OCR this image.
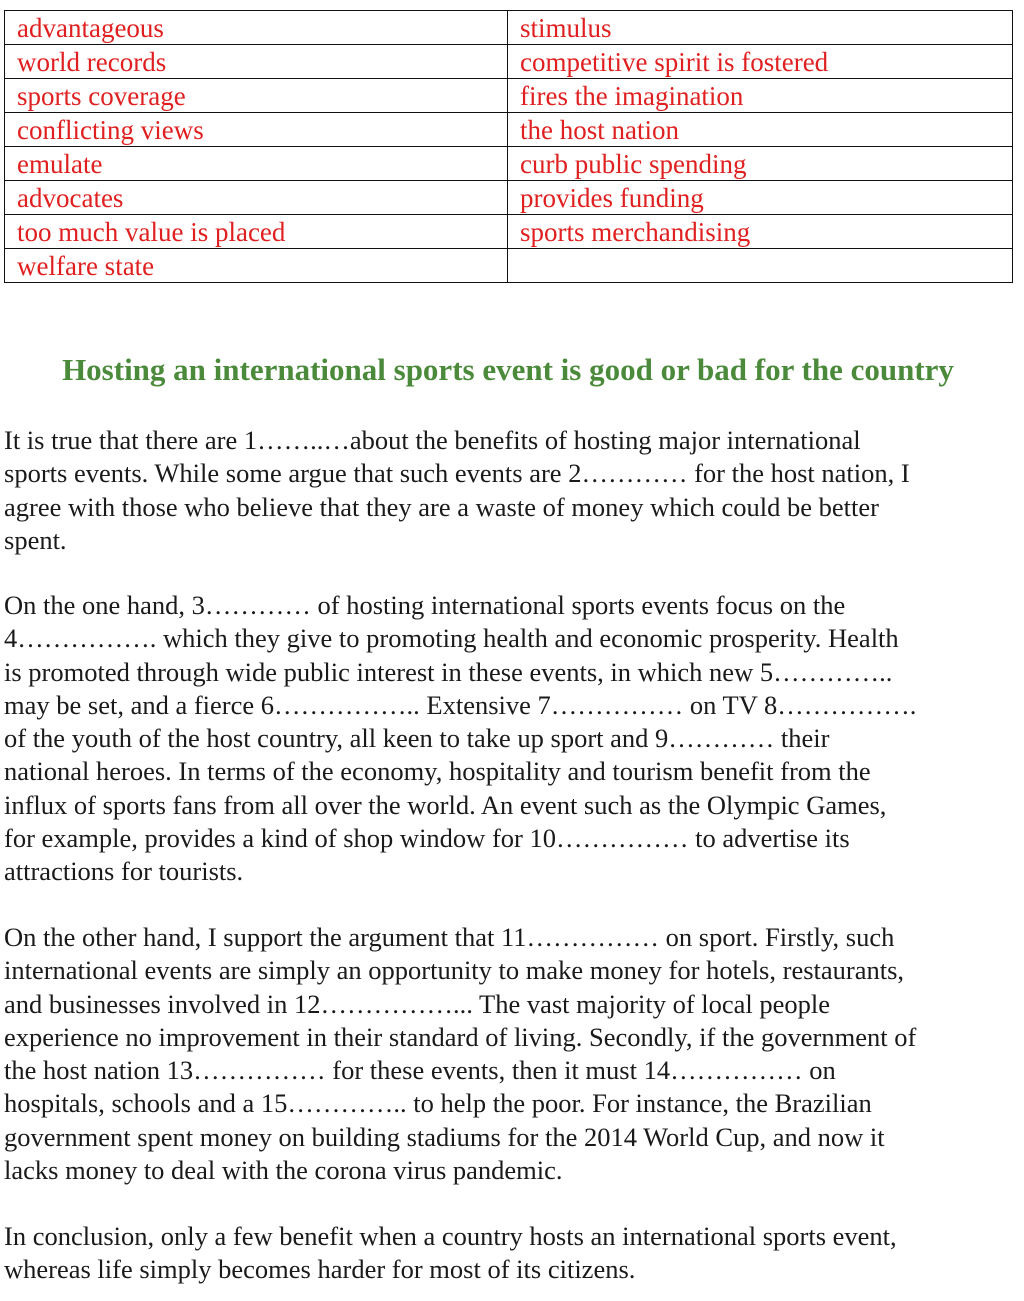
advantageous	stimulus
world records	competitive spirit is fostered
sports coverage	fires the imagination
conflicting views	the host nation
emulate	curb public spending
advocates	provides funding
too much value is placed	sports merchandising
welfare state	
Hosting an international sports event is good or bad for the country

It is true that there are 1……..…about the benefits of hosting major international
sports events. While some argue that such events are 2………… for the host nation, I
agree with those who believe that they are a waste of money which could be better
spent.

On the one hand, 3………… of hosting international sports events focus on the
4……………. which they give to promoting health and economic prosperity. Health
is promoted through wide public interest in these events, in which new 5…………..
may be set, and a fierce 6…………….. Extensive 7…………… on TV 8…………….
of the youth of the host country, all keen to take up sport and 9………… their
national heroes. In terms of the economy, hospitality and tourism benefit from the
influx of sports fans from all over the world. An event such as the Olympic Games,
for example, provides a kind of shop window for 10…………… to advertise its
attractions for tourists.

On the other hand, I support the argument that 11…………… on sport. Firstly, such
international events are simply an opportunity to make money for hotels, restaurants,
and businesses involved in 12……………... The vast majority of local people
experience no improvement in their standard of living. Secondly, if the government of
the host nation 13…………… for these events, then it must 14…………… on
hospitals, schools and a 15………….. to help the poor. For instance, the Brazilian
government spent money on building stadiums for the 2014 World Cup, and now it
lacks money to deal with the corona virus pandemic.

In conclusion, only a few benefit when a country hosts an international sports event,
whereas life simply becomes harder for most of its citizens.
